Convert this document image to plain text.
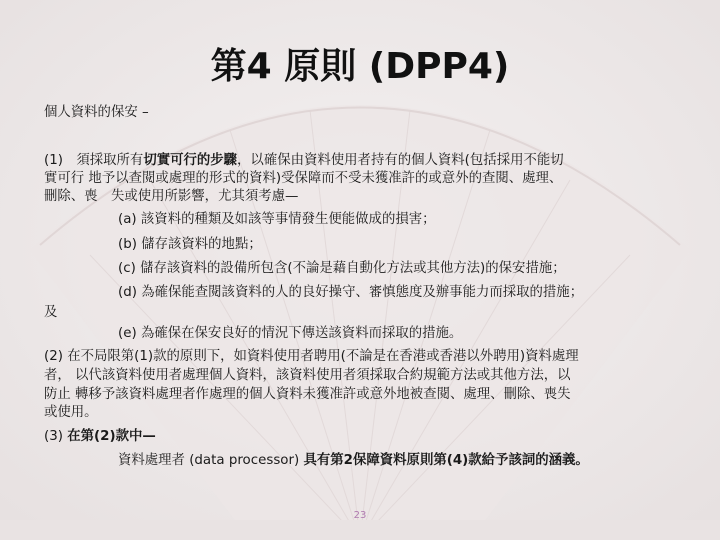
第4 原則 (DPP4)
個人資料的保安 –
(1)　須採取所有切實可行的步驟，以確保由資料使用者持有的個人資料(包括採用不能切
實可行 地予以查閱或處理的形式的資料)受保障而不受未獲准許的或意外的查閱、處理、
刪除、喪　失或使用所影響，尤其須考慮—
(a) 該資料的種類及如該等事情發生便能做成的損害；
(b) 儲存該資料的地點；
(c) 儲存該資料的設備所包含(不論是藉自動化方法或其他方法)的保安措施；
(d) 為確保能查閱該資料的人的良好操守、審慎態度及辦事能力而採取的措施；
及
(e) 為確保在保安良好的情況下傳送該資料而採取的措施。
(2) 在不局限第(1)款的原則下，如資料使用者聘用(不論是在香港或香港以外聘用)資料處理
者， 以代該資料使用者處理個人資料，該資料使用者須採取合約規範方法或其他方法，以
防止 轉移予該資料處理者作處理的個人資料未獲准許或意外地被查閱、處理、刪除、喪失
或使用。
(3) 在第(2)款中—
資料處理者 (data processor) 具有第2保障資料原則第(4)款給予該詞的涵義。
23
